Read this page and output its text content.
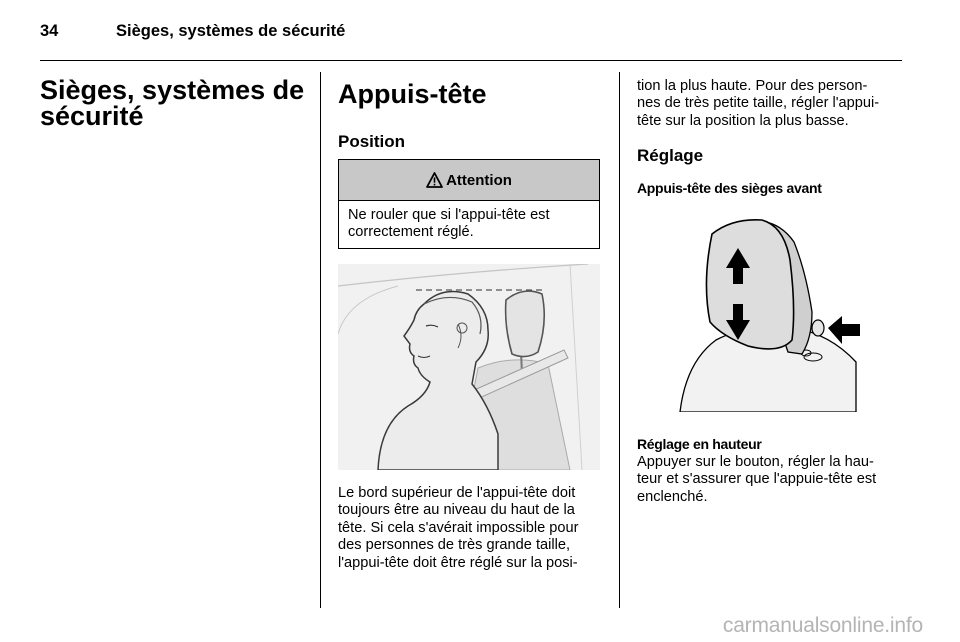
34	Sièges, systèmes de sécurité
Sièges, systèmes de
sécurité
Appuis-tête
Position
Attention
Ne rouler que si l'appui-tête est
correctement réglé.
Le bord supérieur de l'appui-tête doit
toujours être au niveau du haut de la
tête. Si cela s'avérait impossible pour
des personnes de très grande taille,
l'appui-tête doit être réglé sur la posi-
tion la plus haute. Pour des person-
nes de très petite taille, régler l'appui-
tête sur la position la plus basse.
Réglage
Appuis-tête des sièges avant
Réglage en hauteur
Appuyer sur le bouton, régler la hau-
teur et s'assurer que l'appuie-tête est
enclenché.
carmanualsonline.info
